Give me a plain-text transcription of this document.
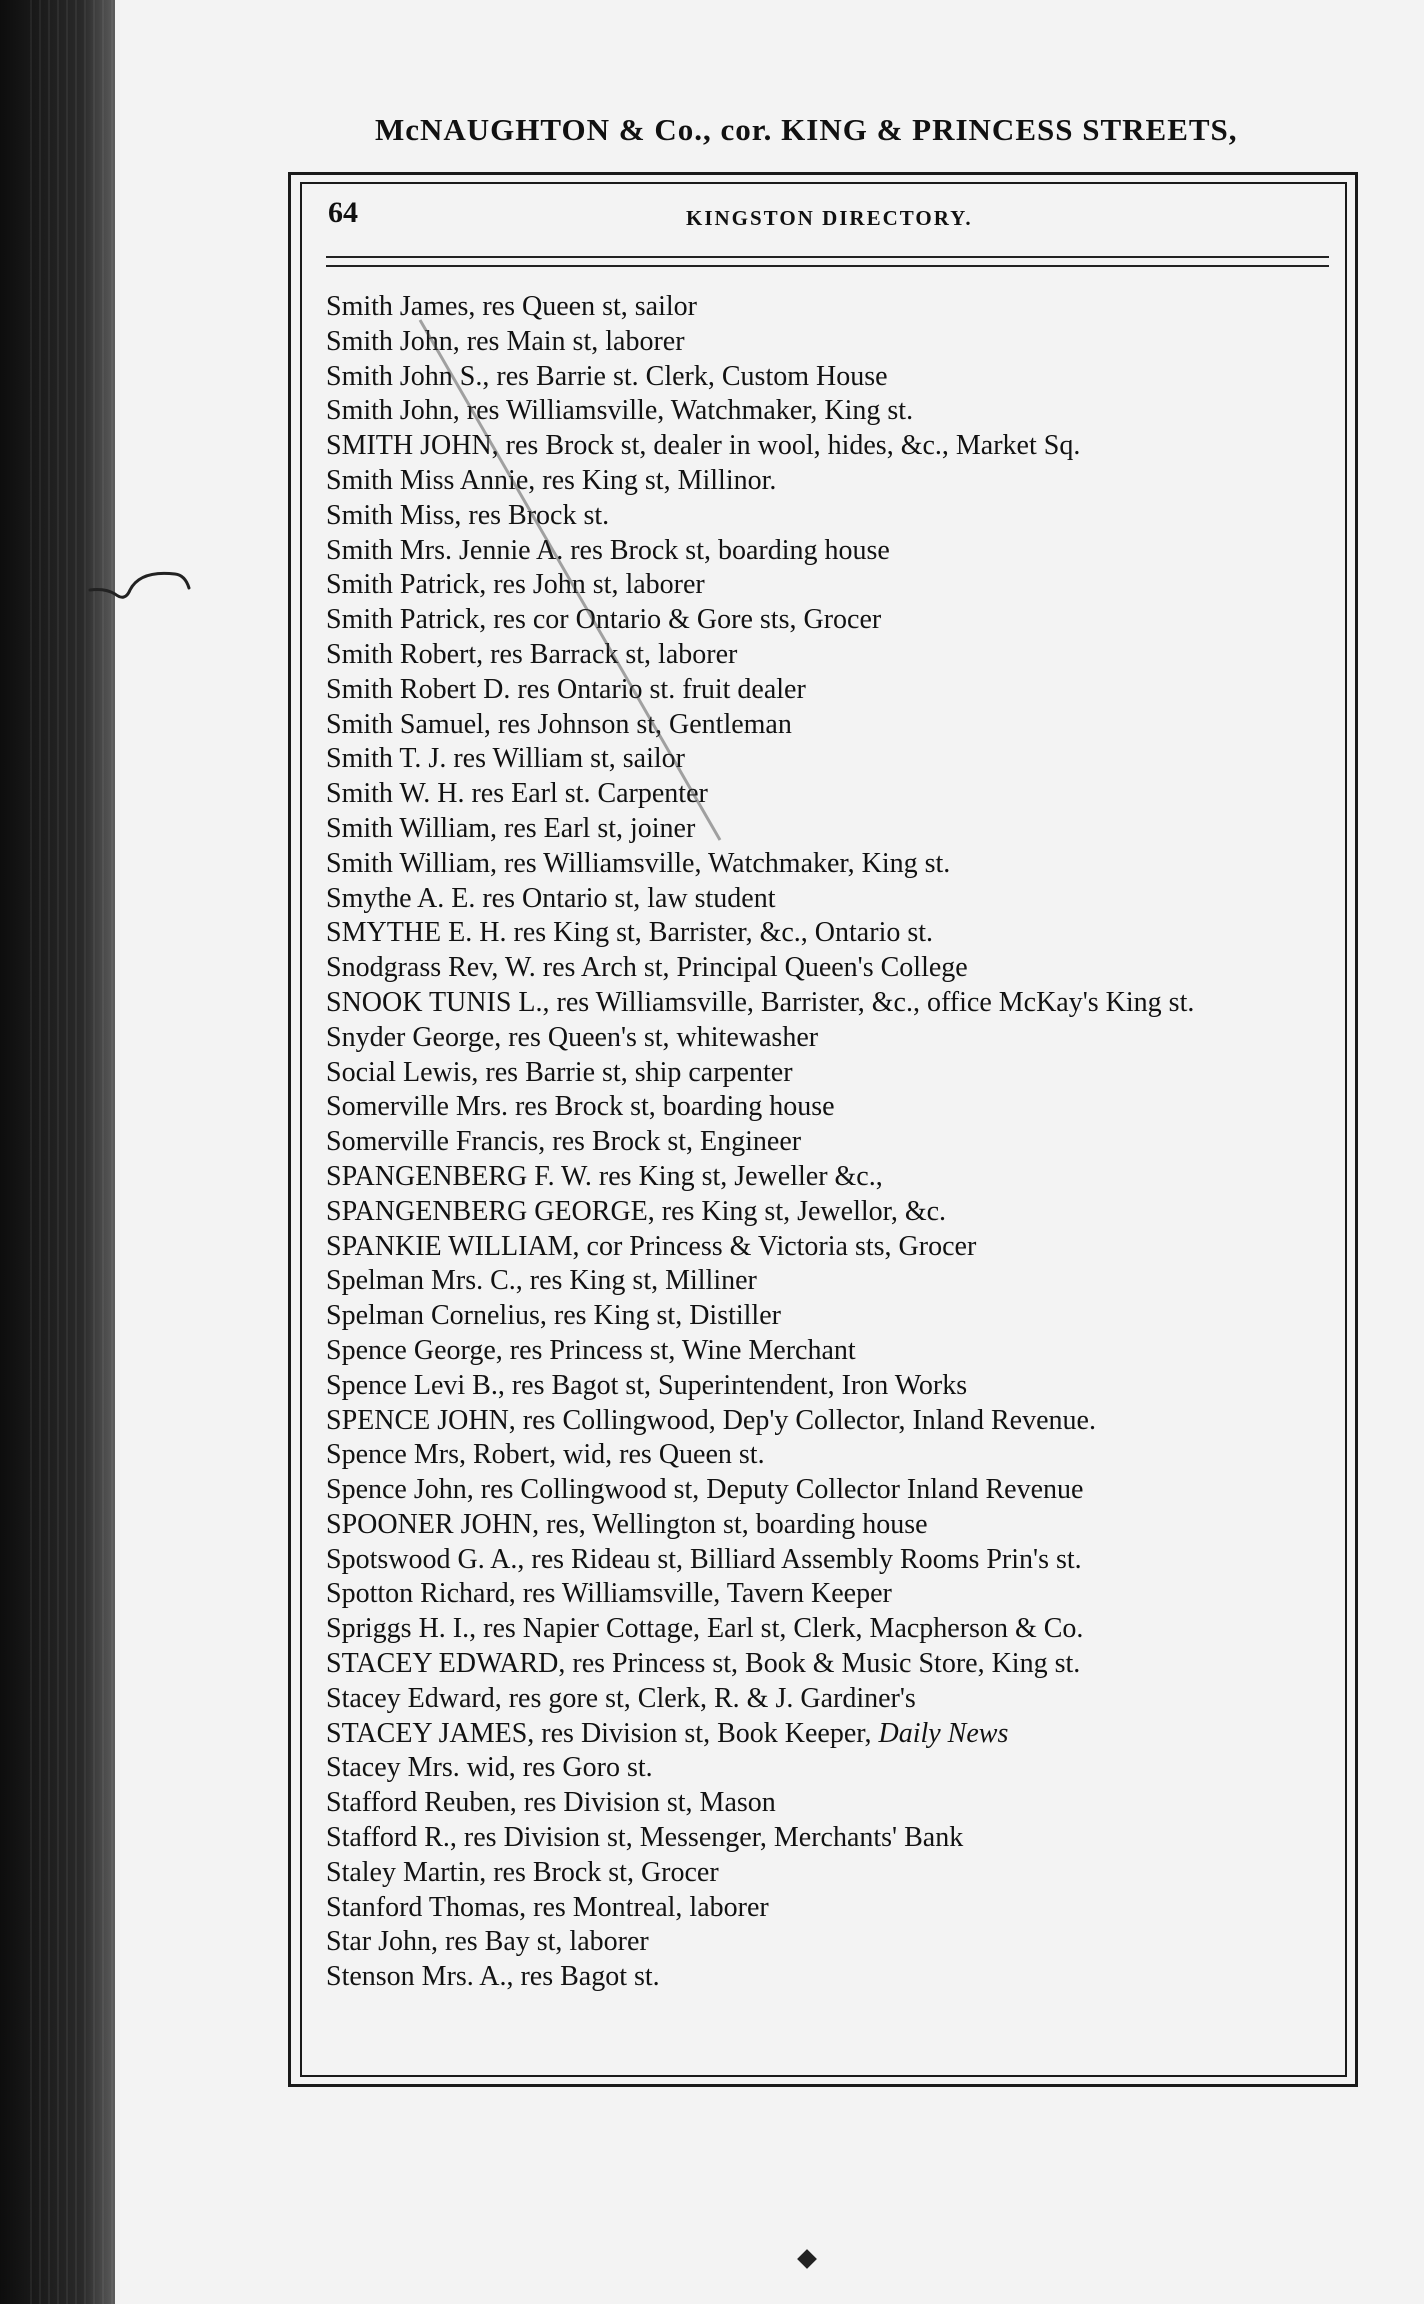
McNAUGHTON & Co., cor. KING & PRINCESS STREETS,
64	KINGSTON DIRECTORY.
Smith James, res Queen st, sailor
Smith John, res Main st, laborer
Smith John S., res Barrie st. Clerk, Custom House
Smith John, res Williamsville, Watchmaker, King st.
SMITH JOHN, res Brock st, dealer in wool, hides, &c., Market Sq.
Smith Miss Annie, res King st, Millinor.
Smith Miss, res Brock st.
Smith Mrs. Jennie A. res Brock st, boarding house
Smith Patrick, res John st, laborer
Smith Patrick, res cor Ontario & Gore sts, Grocer
Smith Robert, res Barrack st, laborer
Smith Robert D. res Ontario st. fruit dealer
Smith Samuel, res Johnson st, Gentleman
Smith T. J. res William st, sailor
Smith W. H. res Earl st. Carpenter
Smith William, res Earl st, joiner
Smith William, res Williamsville, Watchmaker, King st.
Smythe A. E. res Ontario st, law student
SMYTHE E. H. res King st, Barrister, &c., Ontario st.
Snodgrass Rev, W. res Arch st, Principal Queen's College
SNOOK TUNIS L., res Williamsville, Barrister, &c., office McKay's King st.
Snyder George, res Queen's st, whitewasher
Social Lewis, res Barrie st, ship carpenter
Somerville Mrs. res Brock st, boarding house
Somerville Francis, res Brock st, Engineer
SPANGENBERG F. W. res King st, Jeweller &c.,
SPANGENBERG GEORGE, res King st, Jewellor, &c.
SPANKIE WILLIAM, cor Princess & Victoria sts, Grocer
Spelman Mrs. C., res King st, Milliner
Spelman Cornelius, res King st, Distiller
Spence George, res Princess st, Wine Merchant
Spence Levi B., res Bagot st, Superintendent, Iron Works
SPENCE JOHN, res Collingwood, Dep'y Collector, Inland Revenue.
Spence Mrs, Robert, wid, res Queen st.
Spence John, res Collingwood st, Deputy Collector Inland Revenue
SPOONER JOHN, res, Wellington st, boarding house
Spotswood G. A., res Rideau st, Billiard Assembly Rooms Prin's st.
Spotton Richard, res Williamsville, Tavern Keeper
Spriggs H. I., res Napier Cottage, Earl st, Clerk, Macpherson & Co.
STACEY EDWARD, res Princess st, Book & Music Store, King st.
Stacey Edward, res gore st, Clerk, R. & J. Gardiner's
STACEY JAMES, res Division st, Book Keeper, Daily News
Stacey Mrs. wid, res Goro st.
Stafford Reuben, res Division st, Mason
Stafford R., res Division st, Messenger, Merchants' Bank
Staley Martin, res Brock st, Grocer
Stanford Thomas, res Montreal, laborer
Star John, res Bay st, laborer
Stenson Mrs. A., res Bagot st.
